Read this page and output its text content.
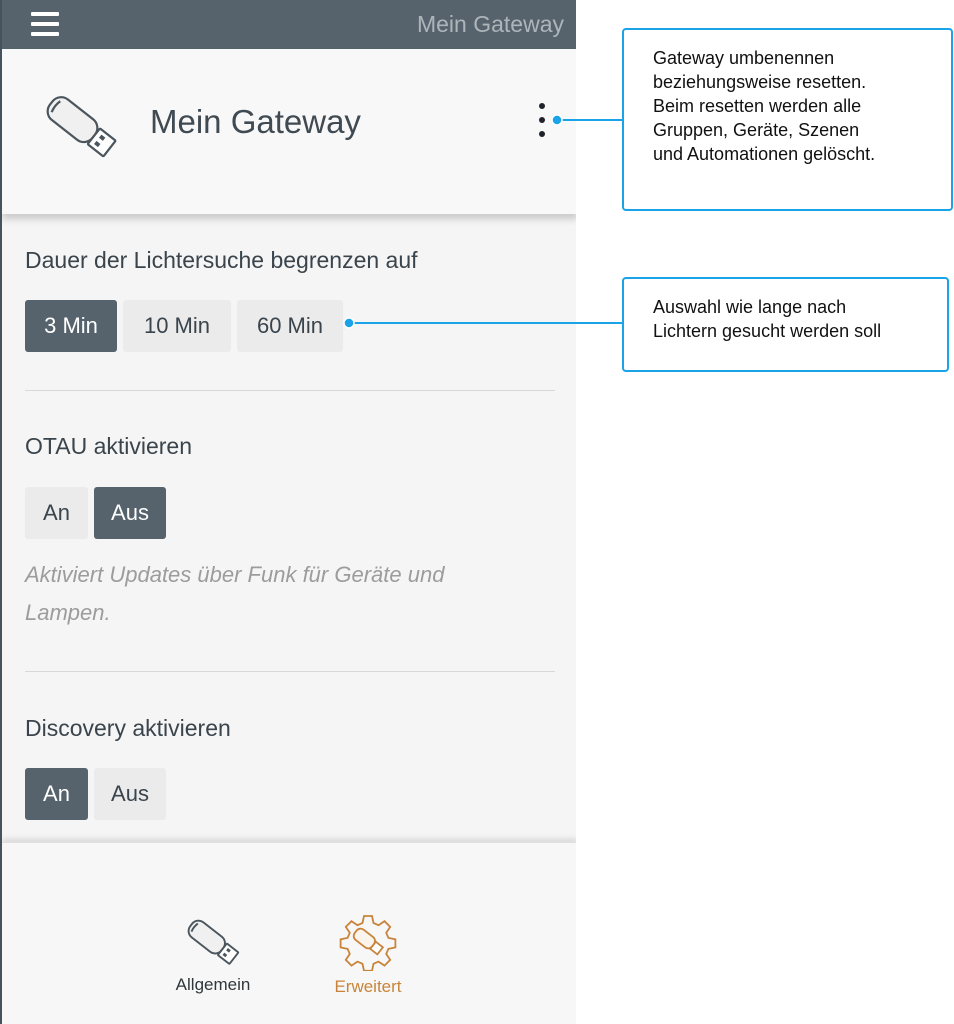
Mein Gateway
Mein Gateway
Dauer der Lichtersuche begrenzen auf
3 Min	10 Min	60 Min
OTAU aktivieren
An	Aus
Aktiviert Updates über Funk für Geräte und Lampen.
Discovery aktivieren
An	Aus
Allgemein	Erweitert
Gateway umbenennen
beziehungsweise resetten.
Beim resetten werden alle
Gruppen, Geräte, Szenen
und Automationen gelöscht.
Auswahl wie lange nach
Lichtern gesucht werden soll
